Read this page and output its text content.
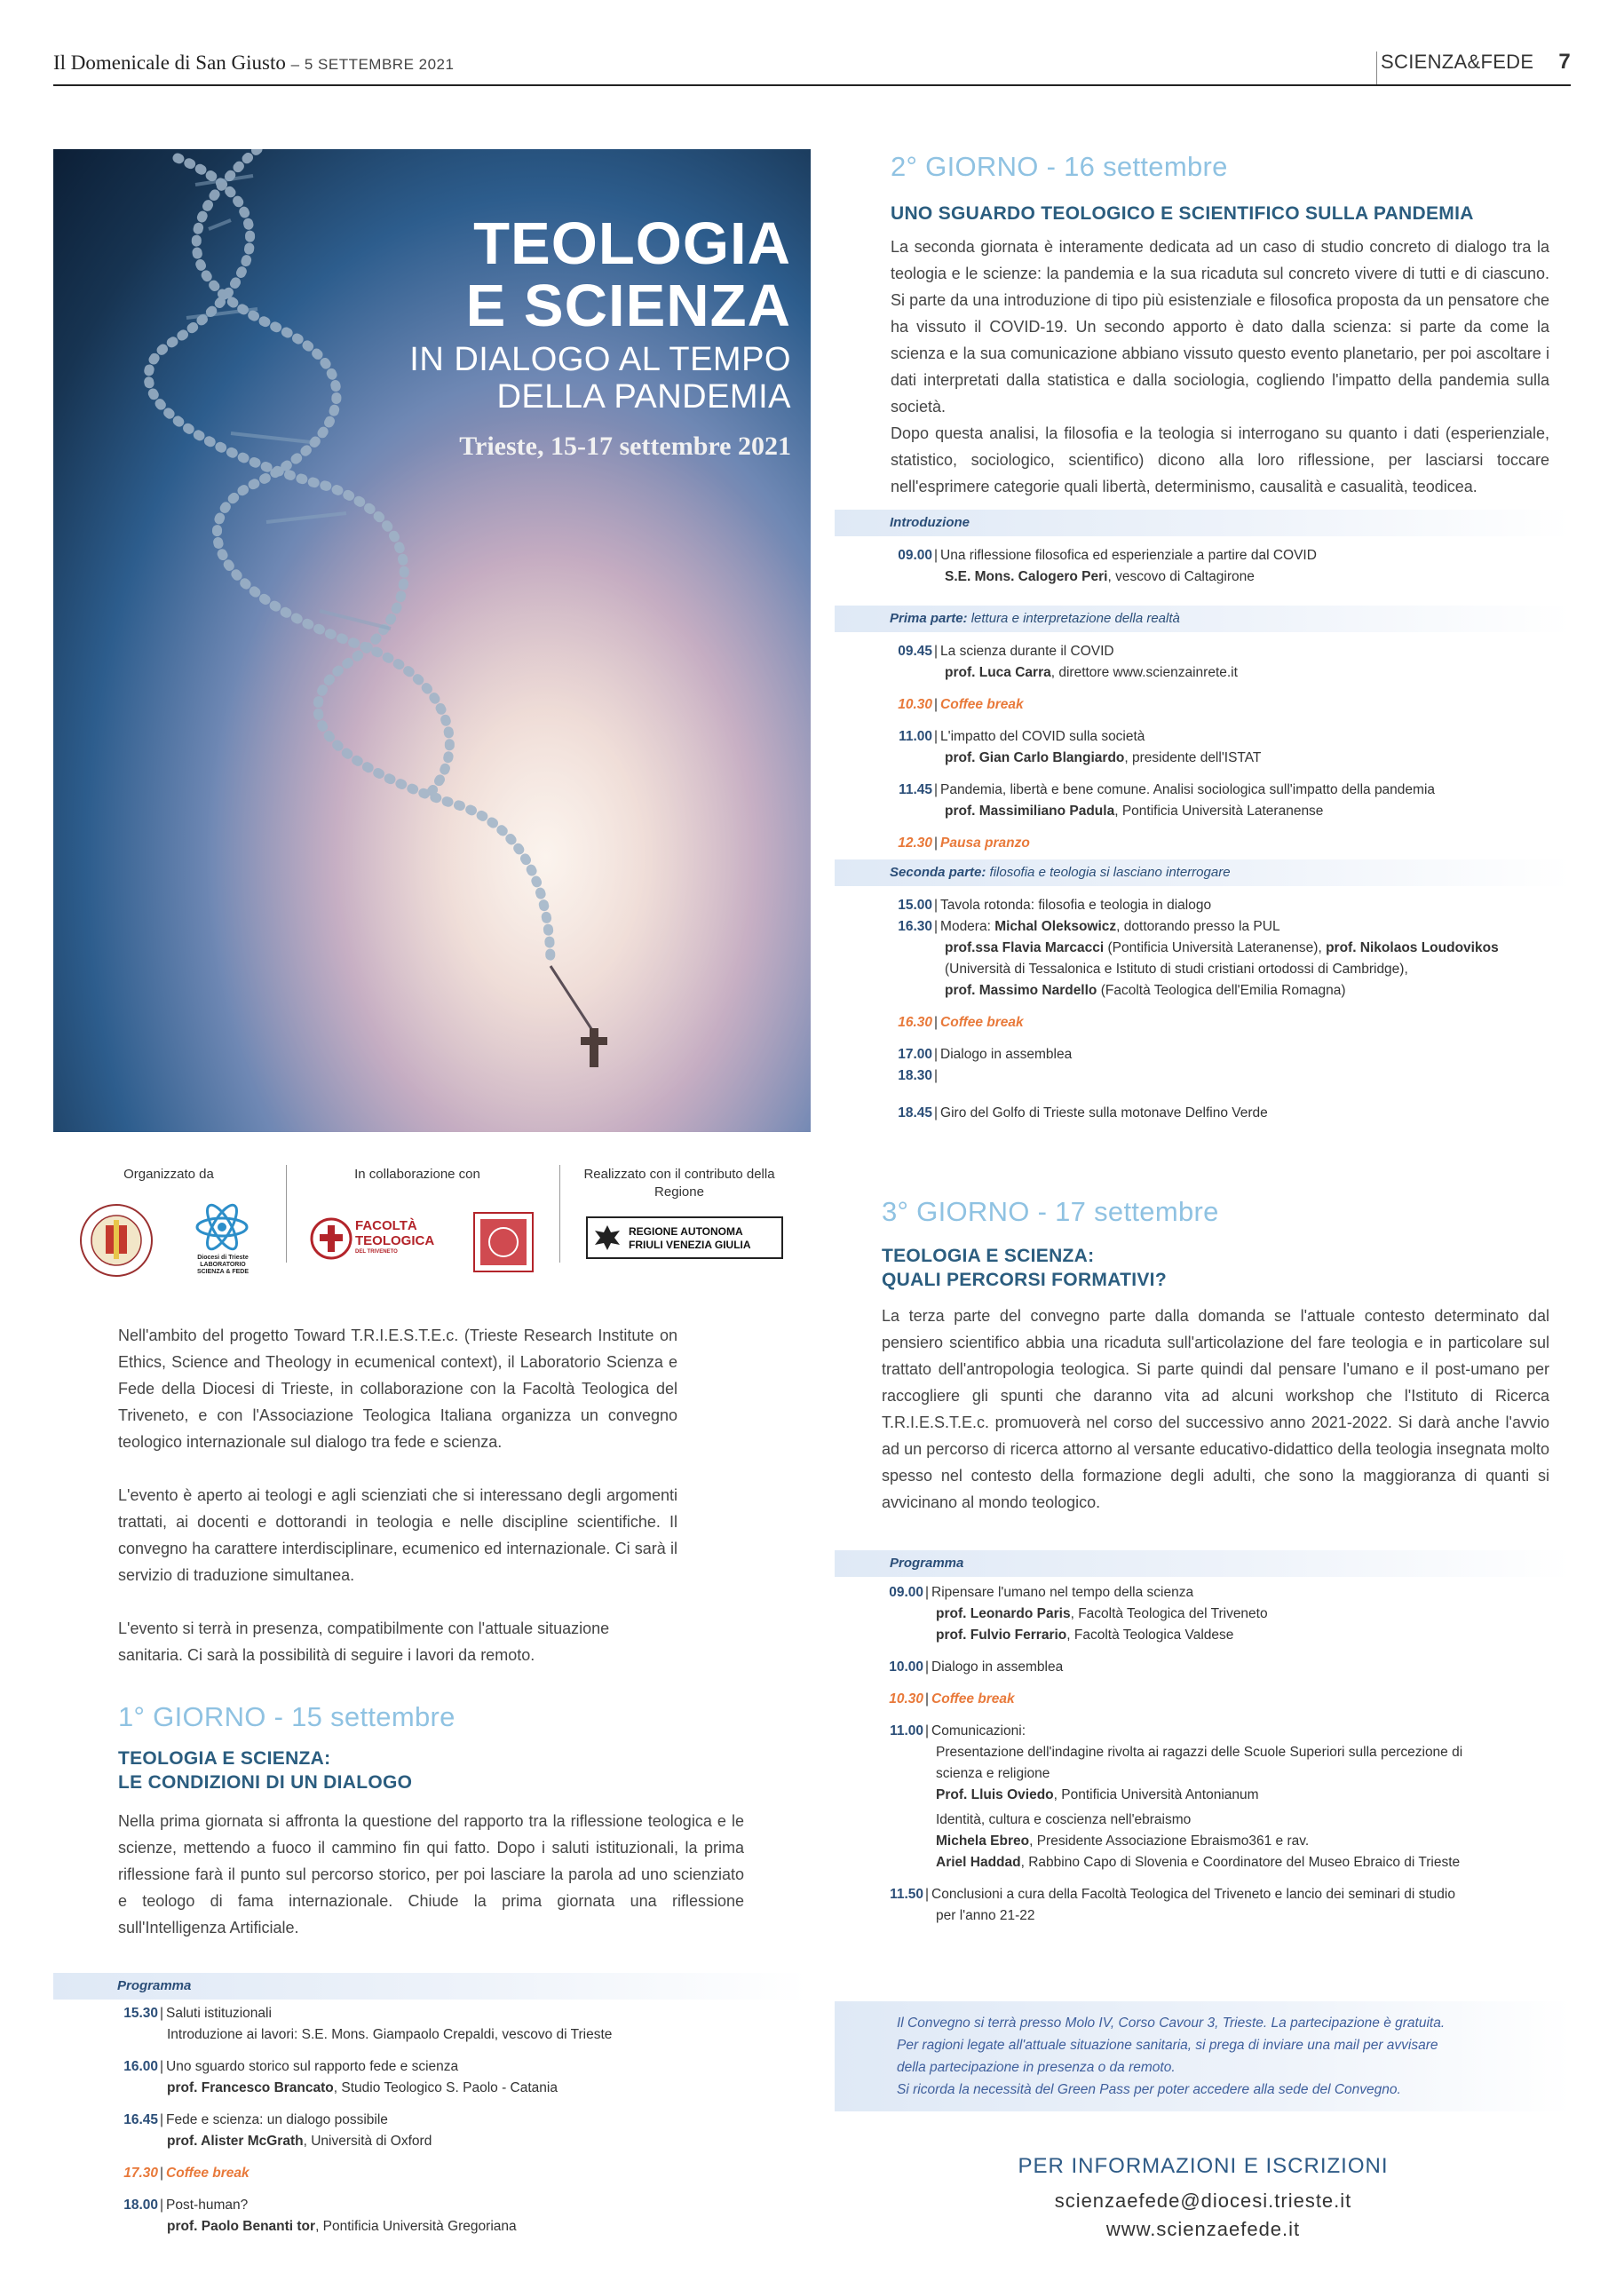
Il Domenicale di San Giusto – 5 SETTEMBRE 2021	SCIENZA&FEDE 7
TEOLOGIA
E SCIENZA
IN DIALOGO AL TEMPO
DELLA PANDEMIA
Trieste, 15-17 settembre 2021
Organizzato da	In collaborazione con	Realizzato con il contributo della Regione
Diocesi di Trieste
LABORATORIO
SCIENZA & FEDE
FACOLTÀ
TEOLOGICA
DEL TRIVENETO
REGIONE AUTONOMA
FRIULI VENEZIA GIULIA
Nell'ambito del progetto Toward T.R.I.E.S.T.E.c. (Trieste Research Institute on Ethics, Science and Theology in ecumenical context), il Laboratorio Scienza e Fede della Diocesi di Trieste, in collaborazione con la Facoltà Teologica del Triveneto, e con l'Associazione Teologica Italiana organizza un convegno teologico internazionale sul dialogo tra fede e scienza.
L'evento è aperto ai teologi e agli scienziati che si interessano degli argomenti trattati, ai docenti e dottorandi in teologia e nelle discipline scientifiche. Il convegno ha carattere interdisciplinare, ecumenico ed internazionale. Ci sarà il servizio di traduzione simultanea.
L'evento si terrà in presenza, compatibilmente con l'attuale situazione sanitaria. Ci sarà la possibilità di seguire i lavori da remoto.
1° GIORNO - 15 settembre
TEOLOGIA E SCIENZA:
LE CONDIZIONI DI UN DIALOGO
Nella prima giornata si affronta la questione del rapporto tra la riflessione teologica e le scienze, mettendo a fuoco il cammino fin qui fatto. Dopo i saluti istituzionali, la prima riflessione farà il punto sul percorso storico, per poi lasciare la parola ad uno scienziato e teologo di fama internazionale. Chiude la prima giornata una riflessione sull'Intelligenza Artificiale.
Programma
15.30 | Saluti istituzionali
Introduzione ai lavori: S.E. Mons. Giampaolo Crepaldi, vescovo di Trieste
16.00 | Uno sguardo storico sul rapporto fede e scienza
prof. Francesco Brancato, Studio Teologico S. Paolo - Catania
16.45 | Fede e scienza: un dialogo possibile
prof. Alister McGrath, Università di Oxford
17.30 | Coffee break
18.00 | Post-human?
prof. Paolo Benanti tor, Pontificia Università Gregoriana
2° GIORNO - 16 settembre
UNO SGUARDO TEOLOGICO E SCIENTIFICO SULLA PANDEMIA
La seconda giornata è interamente dedicata ad un caso di studio concreto di dialogo tra la teologia e le scienze: la pandemia e la sua ricaduta sul concreto vivere di tutti e di ciascuno. Si parte da una introduzione di tipo più esistenziale e filosofica proposta da un pensatore che ha vissuto il COVID-19. Un secondo apporto è dato dalla scienza: si parte da come la scienza e la sua comunicazione abbiano vissuto questo evento planetario, per poi ascoltare i dati interpretati dalla statistica e dalla sociologia, cogliendo l'impatto della pandemia sulla società.
Dopo questa analisi, la filosofia e la teologia si interrogano su quanto i dati (esperienziale, statistico, sociologico, scientifico) dicono alla loro riflessione, per lasciarsi toccare nell'esprimere categorie quali libertà, determinismo, causalità e casualità, teodicea.
Introduzione
09.00 | Una riflessione filosofica ed esperienziale a partire dal COVID
S.E. Mons. Calogero Peri, vescovo di Caltagirone
Prima parte: lettura e interpretazione della realtà
09.45 | La scienza durante il COVID
prof. Luca Carra, direttore www.scienzainrete.it
10.30 | Coffee break
11.00 | L'impatto del COVID sulla società
prof. Gian Carlo Blangiardo, presidente dell'ISTAT
11.45 | Pandemia, libertà e bene comune. Analisi sociologica sull'impatto della pandemia
prof. Massimiliano Padula, Pontificia Università Lateranense
12.30 | Pausa pranzo
Seconda parte: filosofia e teologia si lasciano interrogare
15.00 | Tavola rotonda: filosofia e teologia in dialogo
16.30 | Modera: Michal Oleksowicz, dottorando presso la PUL
prof.ssa Flavia Marcacci (Pontificia Università Lateranense), prof. Nikolaos Loudovikos
(Università di Tessalonica e Istituto di studi cristiani ortodossi di Cambridge),
prof. Massimo Nardello (Facoltà Teologica dell'Emilia Romagna)
16.30 | Coffee break
17.00 | Dialogo in assemblea
18.30 |
18.45 | Giro del Golfo di Trieste sulla motonave Delfino Verde
3° GIORNO - 17 settembre
TEOLOGIA E SCIENZA:
QUALI PERCORSI FORMATIVI?
La terza parte del convegno parte dalla domanda se l'attuale contesto determinato dal pensiero scientifico abbia una ricaduta sull'articolazione del fare teologia e in particolare sul trattato dell'antropologia teologica. Si parte quindi dal pensare l'umano e il post-umano per raccogliere gli spunti che daranno vita ad alcuni workshop che l'Istituto di Ricerca T.R.I.E.S.T.E.c. promuoverà nel corso del successivo anno 2021-2022. Si darà anche l'avvio ad un percorso di ricerca attorno al versante educativo-didattico della teologia insegnata molto spesso nel contesto della formazione degli adulti, che sono la maggioranza di quanti si avvicinano al mondo teologico.
Programma
09.00 | Ripensare l'umano nel tempo della scienza
prof. Leonardo Paris, Facoltà Teologica del Triveneto
prof. Fulvio Ferrario, Facoltà Teologica Valdese
10.00 | Dialogo in assemblea
10.30 | Coffee break
11.00 | Comunicazioni:
Presentazione dell'indagine rivolta ai ragazzi delle Scuole Superiori sulla percezione di
scienza e religione
Prof. Lluis Oviedo, Pontificia Università Antonianum
Identità, cultura e coscienza nell'ebraismo
Michela Ebreo, Presidente Associazione Ebraismo361 e rav.
Ariel Haddad, Rabbino Capo di Slovenia e Coordinatore del Museo Ebraico di Trieste
11.50 | Conclusioni a cura della Facoltà Teologica del Triveneto e lancio dei seminari di studio
per l'anno 21-22
Il Convegno si terrà presso Molo IV, Corso Cavour 3, Trieste. La partecipazione è gratuita.
Per ragioni legate all'attuale situazione sanitaria, si prega di inviare una mail per avvisare
della partecipazione in presenza o da remoto.
Si ricorda la necessità del Green Pass per poter accedere alla sede del Convegno.
PER INFORMAZIONI E ISCRIZIONI
scienzaefede@diocesi.trieste.it
www.scienzaefede.it
